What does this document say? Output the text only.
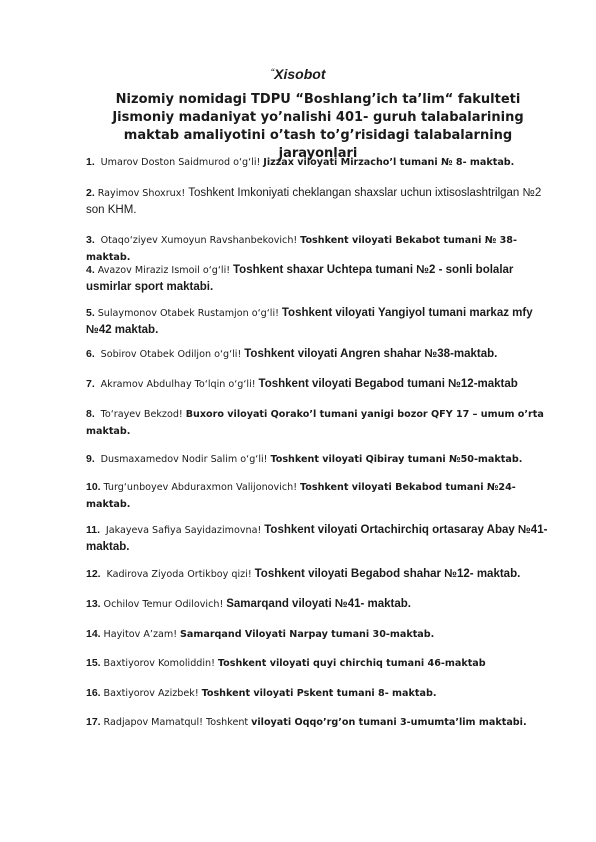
“Xisobot
Nizomiy nomidagi TDPU “Boshlang’ich ta’lim“ fakulteti Jismoniy madaniyat yo’nalishi 401- guruh talabalarining maktab amaliyotini o’tash to’g’risidagi talabalarning jarayonlari
1. Umarov Doston Saidmurod o‘g‘li! Jizzax viloyati Mirzacho’l tumani № 8- maktab.
2. Rayimov Shoxrux! Toshkent Imkoniyati cheklangan shaxslar uchun ixtisoslashtrilgan №2 son KHM.
3. Otaqo‘ziyev Xumoyun Ravshanbekovich! Toshkent viloyati Bekabot tumani № 38- maktab.
4. Avazov Miraziz Ismoil o‘g‘li! Toshkent shaxar Uchtepa tumani №2 - sonli bolalar usmirlar sport maktabi.
5. Sulaymonov Otabek Rustamjon o‘g‘li! Toshkent viloyati Yangiyol tumani markaz mfy №42 maktab.
6. Sobirov Otabek Odiljon o‘g‘li! Toshkent viloyati Angren shahar №38-maktab.
7. Akramov Abdulhay To‘lqin o‘g‘li! Toshkent viloyati Begabod tumani №12-maktab
8. To‘rayev Bekzod! Buxoro viloyati Qorako’l tumani yanigi bozor QFY 17 – umum o’rta maktab.
9. Dusmaxamedov Nodir Salim o‘g‘li! Toshkent viloyati Qibiray tumani №50-maktab.
10. Turg‘unboyev Abduraxmon Valijonovich! Toshkent viloyati Bekabod tumani №24-maktab.
11. Jakayeva Safiya Sayidazimovna! Toshkent viloyati Ortachirchiq ortasaray Abay №41- maktab.
12. Kadirova Ziyoda Ortikboy qizi! Toshkent viloyati Begabod shahar №12- maktab.
13. Ochilov Temur Odilovich! Samarqand viloyati №41- maktab.
14. Hayitov A’zam! Samarqand Viloyati Narpay tumani 30-maktab.
15. Baxtiyorov Komoliddin! Toshkent viloyati quyi chirchiq tumani 46-maktab
16. Baxtiyorov Azizbek! Toshkent viloyati Pskent tumani 8- maktab.
17. Radjapov Mamatqul! Toshkent viloyati Oqqo’rg’on tumani 3-umumta’lim maktabi.
